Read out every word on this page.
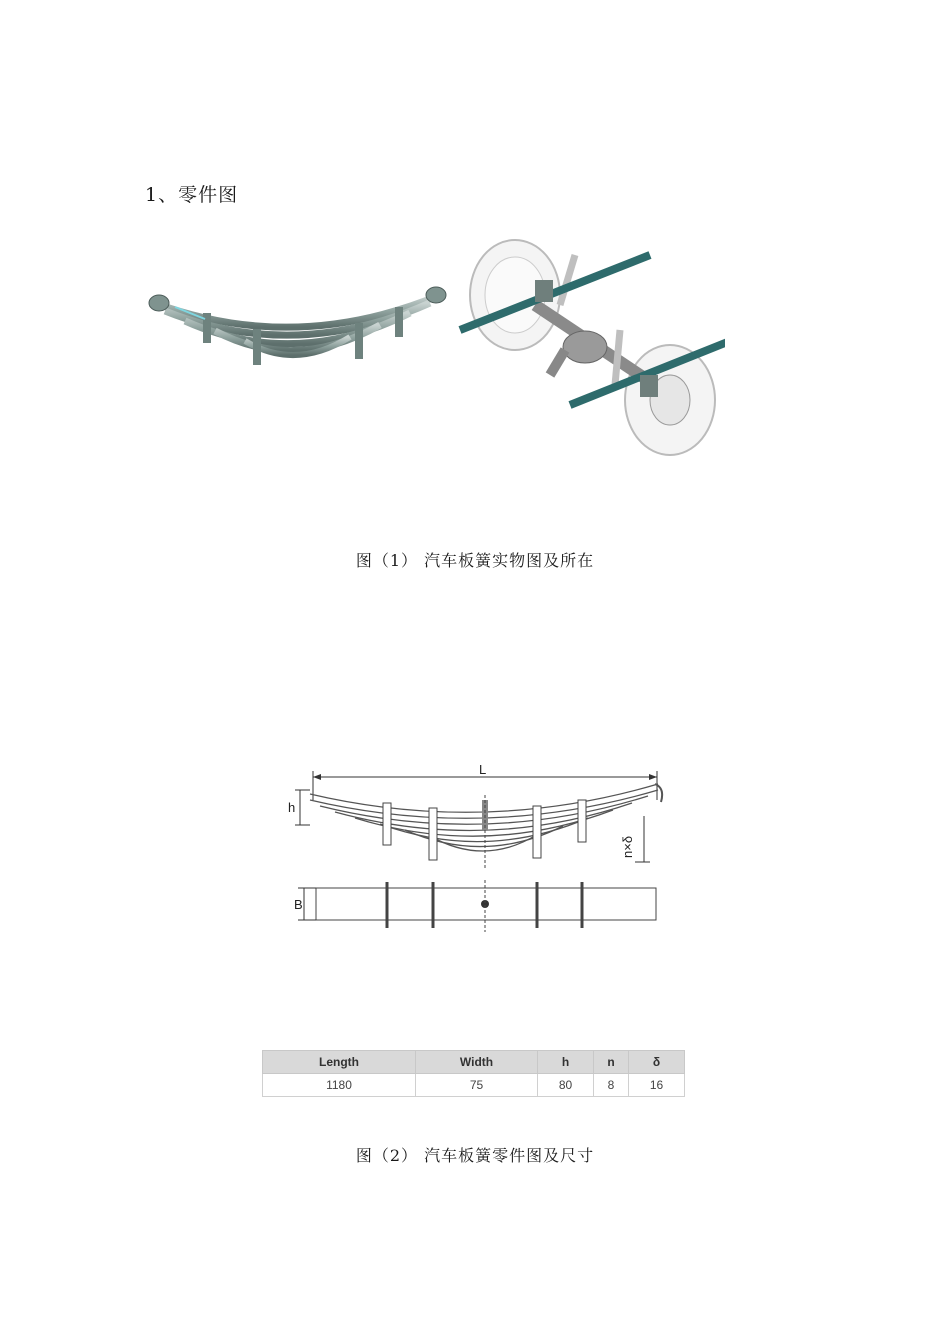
1、零件图
图（1） 汽车板簧实物图及所在
L
h
n×δ
B
Length	Width	h	n	δ
1180	75	80	8	16
图（2） 汽车板簧零件图及尺寸
